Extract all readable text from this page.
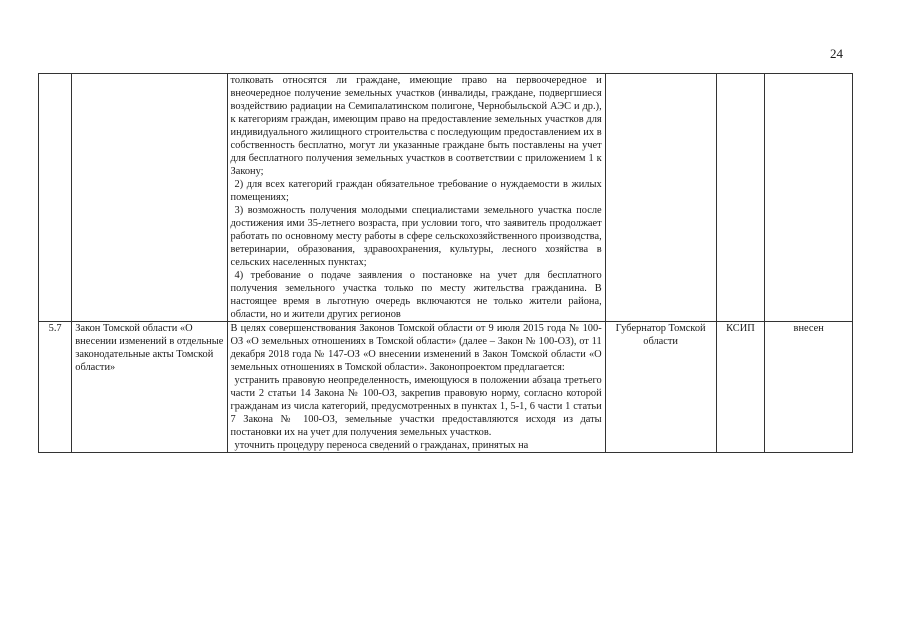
24

		толковать относятся ли граждане, имеющие право на первоочередное и внеочередное получение земельных участков (инвалиды, граждане, подвергшиеся воздействию радиации на Семипалатинском полигоне, Чернобыльской АЭС и др.), к категориям граждан, имеющим право на предоставление земельных участков для индивидуального жилищного строительства с последующим предоставлением их в собственность бесплатно, могут ли указанные граждане быть поставлены на учет для бесплатного получения земельных участков в соответствии с приложением 1 к Закону;
2) для всех категорий граждан обязательное требование о нуждаемости в жилых помещениях;
3) возможность получения молодыми специалистами земельного участка после достижения ими 35-летнего возраста, при условии того, что заявитель продолжает работать по основному месту работы в сфере сельскохозяйственного производства, ветеринарии, образования, здравоохранения, культуры, лесного хозяйства в сельских населенных пунктах;
4) требование о подаче заявления о постановке на учет для бесплатного получения земельного участка только по месту жительства гражданина. В настоящее время в льготную очередь включаются не только жители района, области, но и жители других регионов			

5.7	Закон Томской области «О внесении изменений в отдельные законодательные акты Томской области»	В целях совершенствования Законов Томской области от 9 июля 2015 года № 100-ОЗ «О земельных отношениях в Томской области» (далее – Закон № 100-ОЗ), от 11 декабря 2018 года № 147-ОЗ «О внесении изменений в Закон Томской области «О земельных отношениях в Томской области». Законопроектом предлагается:
устранить правовую неопределенность, имеющуюся в положении абзаца третьего части 2 статьи 14 Закона № 100-ОЗ, закрепив правовую норму, согласно которой гражданам из числа категорий, предусмотренных в пунктах 1, 5-1, 6 части 1 статьи 7 Закона № 100-ОЗ, земельные участки предоставляются исходя из даты постановки их на учет для получения земельных участков.
уточнить процедуру переноса сведений о гражданах, принятых на	Губернатор Томской области	КСИП	внесен
